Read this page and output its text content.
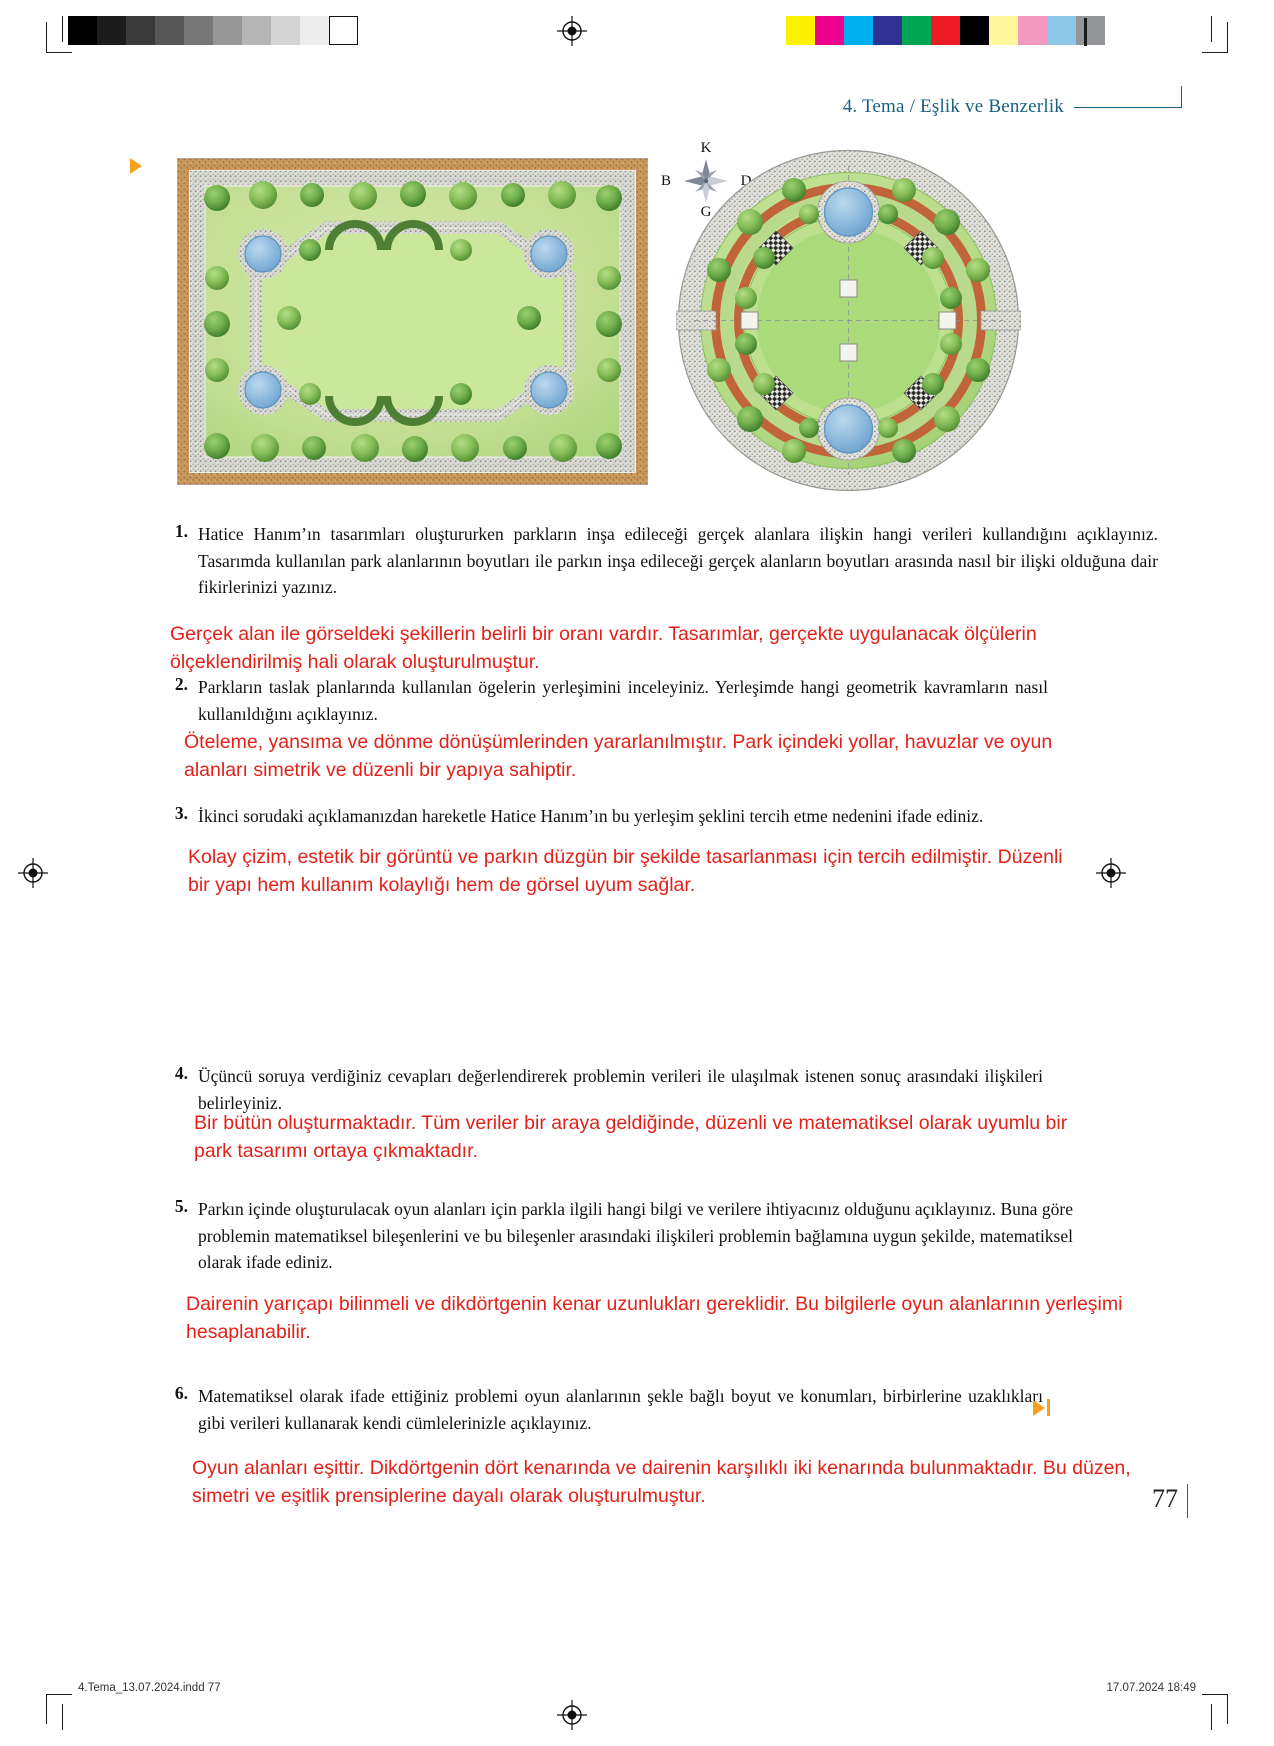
4. Tema / Eşlik ve Benzerlik
K
G
B	D
1. Hatice Hanım’ın tasarımları oluştururken parkların inşa edileceği gerçek alanlara ilişkin hangi verileri kullandığını açıklayınız. Tasarımda kullanılan park alanlarının boyutları ile parkın inşa edileceği gerçek alanların boyutları arasında nasıl bir ilişki olduğuna dair fikirlerinizi yazınız.
Gerçek alan ile görseldeki şekillerin belirli bir oranı vardır. Tasarımlar, gerçekte uygulanacak ölçülerin ölçeklendirilmiş hali olarak oluşturulmuştur.
2. Parkların taslak planlarında kullanılan ögelerin yerleşimini inceleyiniz. Yerleşimde hangi geometrik kavramların nasıl kullanıldığını açıklayınız.
Öteleme, yansıma ve dönme dönüşümlerinden yararlanılmıştır. Park içindeki yollar, havuzlar ve oyun alanları simetrik ve düzenli bir yapıya sahiptir.
3. İkinci sorudaki açıklamanızdan hareketle Hatice Hanım’ın bu yerleşim şeklini tercih etme nedenini ifade ediniz.
Kolay çizim, estetik bir görüntü ve parkın düzgün bir şekilde tasarlanması için tercih edilmiştir. Düzenli bir yapı hem kullanım kolaylığı hem de görsel uyum sağlar.
4. Üçüncü soruya verdiğiniz cevapları değerlendirerek problemin verileri ile ulaşılmak istenen sonuç arasındaki ilişkileri belirleyiniz.
Bir bütün oluşturmaktadır. Tüm veriler bir araya geldiğinde, düzenli ve matematiksel olarak uyumlu bir park tasarımı ortaya çıkmaktadır.
5. Parkın içinde oluşturulacak oyun alanları için parkla ilgili hangi bilgi ve verilere ihtiyacınız olduğunu açıklayınız. Buna göre problemin matematiksel bileşenlerini ve bu bileşenler arasındaki ilişkileri problemin bağlamına uygun şekilde, matematiksel olarak ifade ediniz.
Dairenin yarıçapı bilinmeli ve dikdörtgenin kenar uzunlukları gereklidir. Bu bilgilerle oyun alanlarının yerleşimi hesaplanabilir.
6. Matematiksel olarak ifade ettiğiniz problemi oyun alanlarının şekle bağlı boyut ve konumları, birbirlerine uzaklıkları gibi verileri kullanarak kendi cümlelerinizle açıklayınız.
Oyun alanları eşittir. Dikdörtgenin dört kenarında ve dairenin karşılıklı iki kenarında bulunmaktadır. Bu düzen, simetri ve eşitlik prensiplerine dayalı olarak oluşturulmuştur.	77
4.Tema_13.07.2024.indd 77	17.07.2024 18:49
